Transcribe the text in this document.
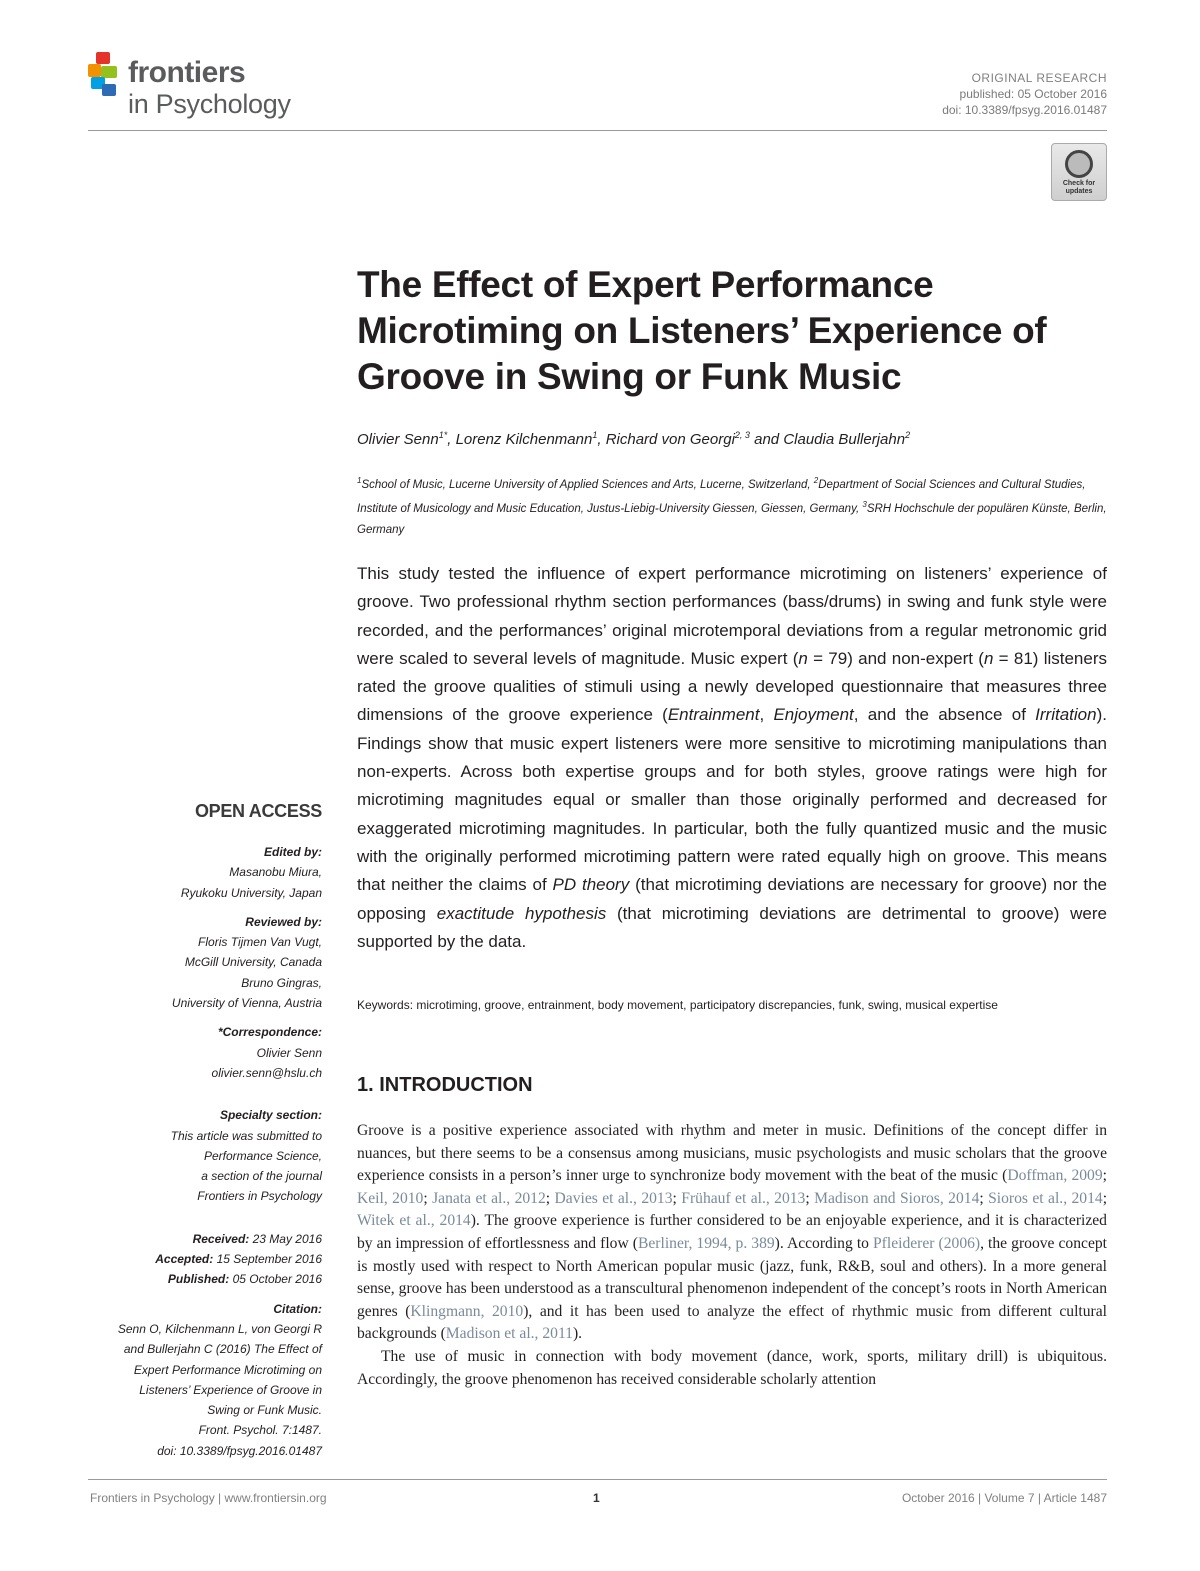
frontiers
in Psychology
ORIGINAL RESEARCH
published: 05 October 2016
doi: 10.3389/fpsyg.2016.01487
Check for updates
The Effect of Expert Performance Microtiming on Listeners’ Experience of Groove in Swing or Funk Music
Olivier Senn$^{1*}$, Lorenz Kilchenmann$^1$, Richard von Georgi$^{2, 3}$ and Claudia Bullerjahn$^2$
$^1$School of Music, Lucerne University of Applied Sciences and Arts, Lucerne, Switzerland, $^2$Department of Social Sciences and Cultural Studies, Institute of Musicology and Music Education, Justus-Liebig-University Giessen, Giessen, Germany, $^3$SRH Hochschule der populären Künste, Berlin, Germany

This study tested the influence of expert performance microtiming on listeners’ experience of groove. Two professional rhythm section performances (bass/drums) in swing and funk style were recorded, and the performances’ original microtemporal deviations from a regular metronomic grid were scaled to several levels of magnitude. Music expert (n = 79) and non-expert (n = 81) listeners rated the groove qualities of stimuli using a newly developed questionnaire that measures three dimensions of the groove experience (Entrainment, Enjoyment, and the absence of Irritation). Findings show that music expert listeners were more sensitive to microtiming manipulations than non-experts. Across both expertise groups and for both styles, groove ratings were high for microtiming magnitudes equal or smaller than those originally performed and decreased for exaggerated microtiming magnitudes. In particular, both the fully quantized music and the music with the originally performed microtiming pattern were rated equally high on groove. This means that neither the claims of PD theory (that microtiming deviations are necessary for groove) nor the opposing exactitude hypothesis (that microtiming deviations are detrimental to groove) were supported by the data.

Keywords: microtiming, groove, entrainment, body movement, participatory discrepancies, funk, swing, musical expertise

OPEN ACCESS
Edited by:
Masanobu Miura,
Ryukoku University, Japan
Reviewed by:
Floris Tijmen Van Vugt,
McGill University, Canada
Bruno Gingras,
University of Vienna, Austria
*Correspondence:
Olivier Senn
olivier.senn@hslu.ch
Specialty section:
This article was submitted to
Performance Science,
a section of the journal
Frontiers in Psychology
Received: 23 May 2016
Accepted: 15 September 2016
Published: 05 October 2016
Citation:
Senn O, Kilchenmann L, von Georgi R
and Bullerjahn C (2016) The Effect of
Expert Performance Microtiming on
Listeners’ Experience of Groove in
Swing or Funk Music.
Front. Psychol. 7:1487.
doi: 10.3389/fpsyg.2016.01487
1. INTRODUCTION

Groove is a positive experience associated with rhythm and meter in music. Definitions of the concept differ in nuances, but there seems to be a consensus among musicians, music psychologists and music scholars that the groove experience consists in a person’s inner urge to synchronize body movement with the beat of the music (Doffman, 2009; Keil, 2010; Janata et al., 2012; Davies et al., 2013; Frühauf et al., 2013; Madison and Sioros, 2014; Sioros et al., 2014; Witek et al., 2014). The groove experience is further considered to be an enjoyable experience, and it is characterized by an impression of effortlessness and flow (Berliner, 1994, p. 389). According to Pfleiderer (2006), the groove concept is mostly used with respect to North American popular music (jazz, funk, R&B, soul and others). In a more general sense, groove has been understood as a transcultural phenomenon independent of the concept’s roots in North American genres (Klingmann, 2010), and it has been used to analyze the effect of rhythmic music from different cultural backgrounds (Madison et al., 2011).

The use of music in connection with body movement (dance, work, sports, military drill) is ubiquitous. Accordingly, the groove phenomenon has received considerable scholarly attention

Frontiers in Psychology | www.frontiersin.org	1	October 2016 | Volume 7 | Article 1487
